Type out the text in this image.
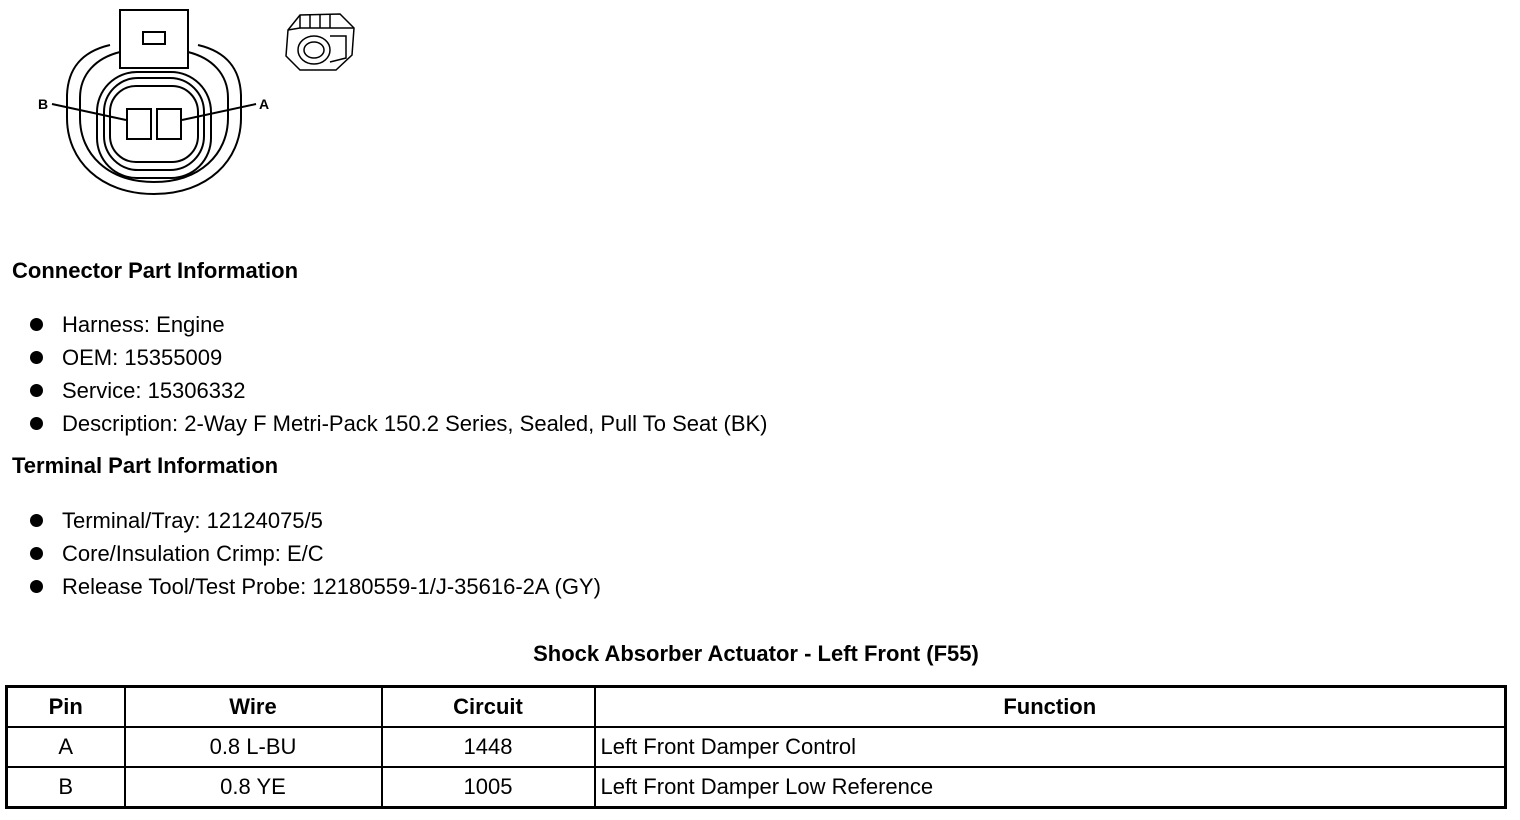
B	A
Connector Part Information
Harness: Engine
OEM: 15355009
Service: 15306332
Description: 2-Way F Metri-Pack 150.2 Series, Sealed, Pull To Seat (BK)
Terminal Part Information
Terminal/Tray: 12124075/5
Core/Insulation Crimp: E/C
Release Tool/Test Probe: 12180559-1/J-35616-2A (GY)
Shock Absorber Actuator - Left Front (F55)
Pin	Wire	Circuit	Function
A	0.8 L-BU	1448	Left Front Damper Control
B	0.8 YE	1005	Left Front Damper Low Reference
